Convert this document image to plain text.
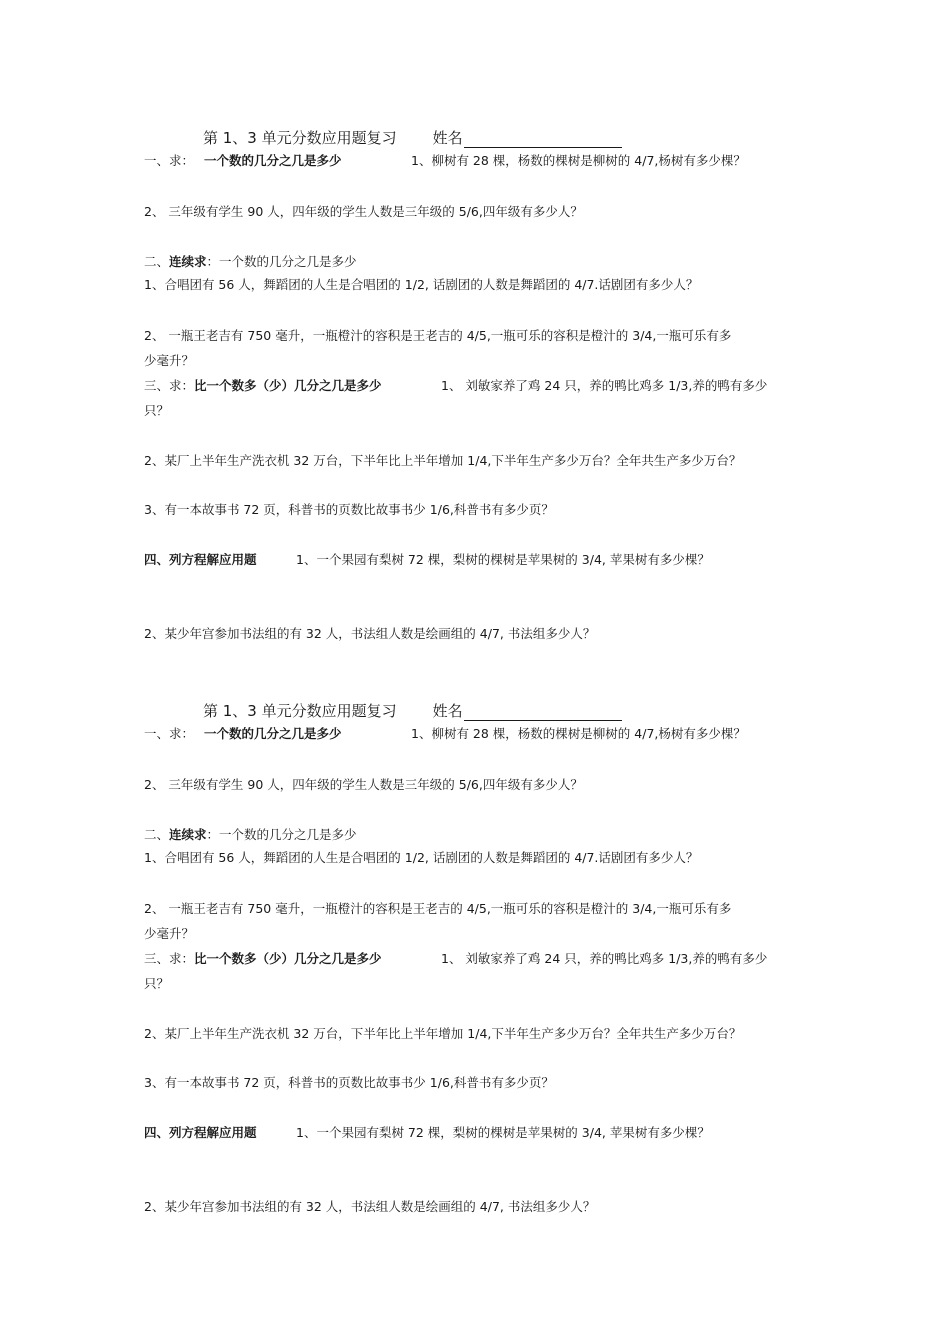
第 1、3 单元分数应用题复习 姓名
一、求： 一个数的几分之几是多少	1、柳树有 28 棵，杨数的棵树是柳树的 4/7,杨树有多少棵？
2、 三年级有学生 90 人，四年级的学生人数是三年级的 5/6,四年级有多少人？
二、连续求：一个数的几分之几是多少
1、合唱团有 56 人，舞蹈团的人生是合唱团的 1/2, 话剧团的人数是舞蹈团的 4/7.话剧团有多少人？
2、 一瓶王老吉有 750 毫升，一瓶橙汁的容积是王老吉的 4/5,一瓶可乐的容积是橙汁的 3/4,一瓶可乐有多
少毫升？
三、求：比一个数多（少）几分之几是多少	1、 刘敏家养了鸡 24 只，养的鸭比鸡多 1/3,养的鸭有多少
只？
2、某厂上半年生产洗衣机 32 万台，下半年比上半年增加 1/4,下半年生产多少万台？全年共生产多少万台？
3、有一本故事书 72 页，科普书的页数比故事书少 1/6,科普书有多少页？
四、列方程解应用题	1、一个果园有梨树 72 棵，梨树的棵树是苹果树的 3/4, 苹果树有多少棵？
2、某少年宫参加书法组的有 32 人，书法组人数是绘画组的 4/7, 书法组多少人？
第 1、3 单元分数应用题复习 姓名
一、求： 一个数的几分之几是多少	1、柳树有 28 棵，杨数的棵树是柳树的 4/7,杨树有多少棵？
2、 三年级有学生 90 人，四年级的学生人数是三年级的 5/6,四年级有多少人？
二、连续求：一个数的几分之几是多少
1、合唱团有 56 人，舞蹈团的人生是合唱团的 1/2, 话剧团的人数是舞蹈团的 4/7.话剧团有多少人？
2、 一瓶王老吉有 750 毫升，一瓶橙汁的容积是王老吉的 4/5,一瓶可乐的容积是橙汁的 3/4,一瓶可乐有多
少毫升？
三、求：比一个数多（少）几分之几是多少	1、 刘敏家养了鸡 24 只，养的鸭比鸡多 1/3,养的鸭有多少
只？
2、某厂上半年生产洗衣机 32 万台，下半年比上半年增加 1/4,下半年生产多少万台？全年共生产多少万台？
3、有一本故事书 72 页，科普书的页数比故事书少 1/6,科普书有多少页？
四、列方程解应用题	1、一个果园有梨树 72 棵，梨树的棵树是苹果树的 3/4, 苹果树有多少棵？
2、某少年宫参加书法组的有 32 人，书法组人数是绘画组的 4/7, 书法组多少人？
